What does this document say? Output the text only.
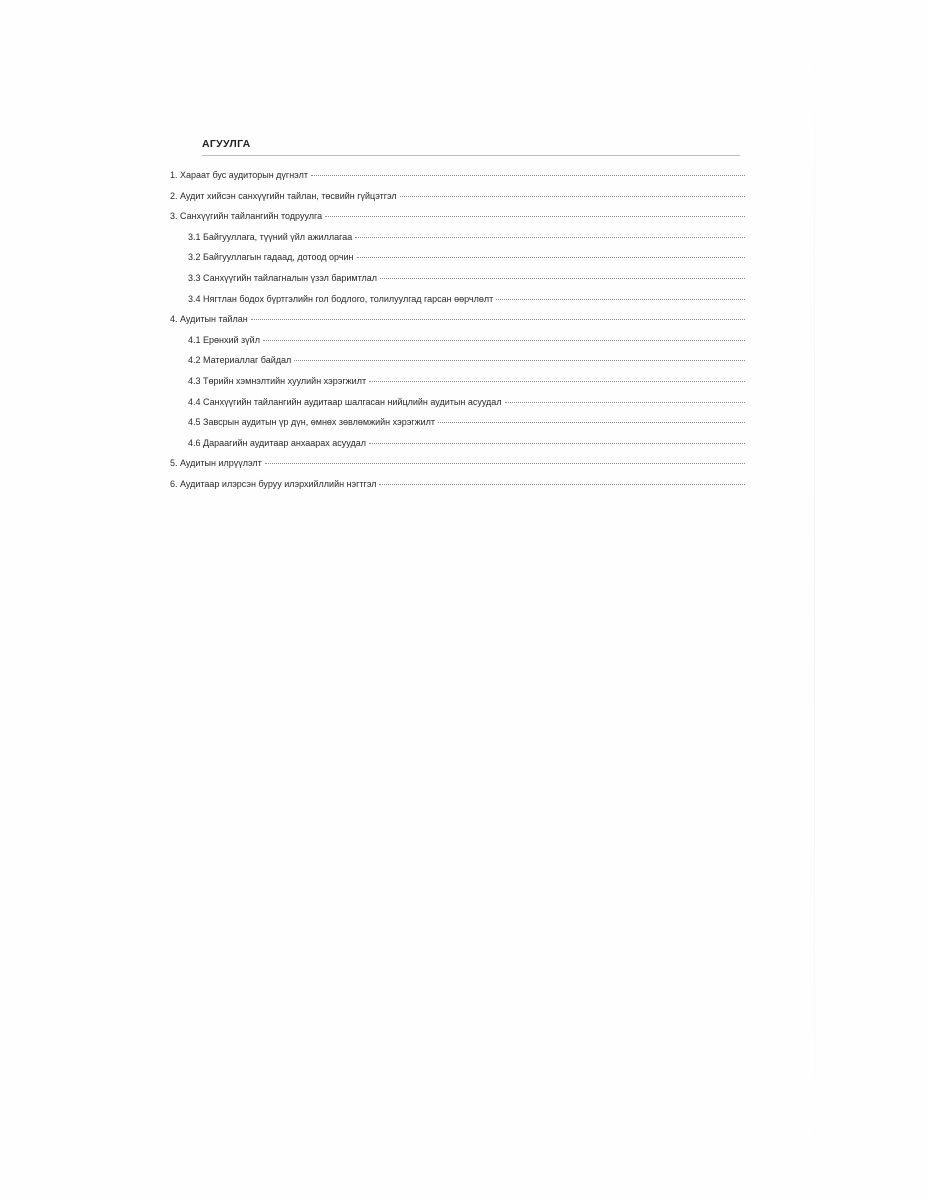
АГУУЛГА
1. Хараат бус аудиторын дүгнэлт
2. Аудит хийсэн санхүүгийн тайлан, төсвийн гүйцэтгэл
3. Санхүүгийн тайлангийн тодруулга
3.1 Байгууллага, түүний үйл ажиллагаа
3.2 Байгууллагын гадаад, дотоод орчин
3.3 Санхүүгийн тайлагналын үзэл баримтлал
3.4 Нягтлан бодох бүртгэлийн гол бодлого, толилуулгад гарсан өөрчлөлт
4. Аудитын тайлан
4.1 Ерөнхий зүйл
4.2 Материаллаг байдал
4.3 Төрийн хэмнэлтийн хуулийн хэрэгжилт
4.4 Санхүүгийн тайлангийн аудитаар шалгасан нийцлийн аудитын асуудал
4.5 Завсрын аудитын үр дүн, өмнөх зөвлөмжийн хэрэгжилт
4.6 Дараагийн аудитаар анхаарах асуудал
5. Аудитын илрүүлэлт
6. Аудитаар илэрсэн буруу илэрхийллийн нэгтгэл
